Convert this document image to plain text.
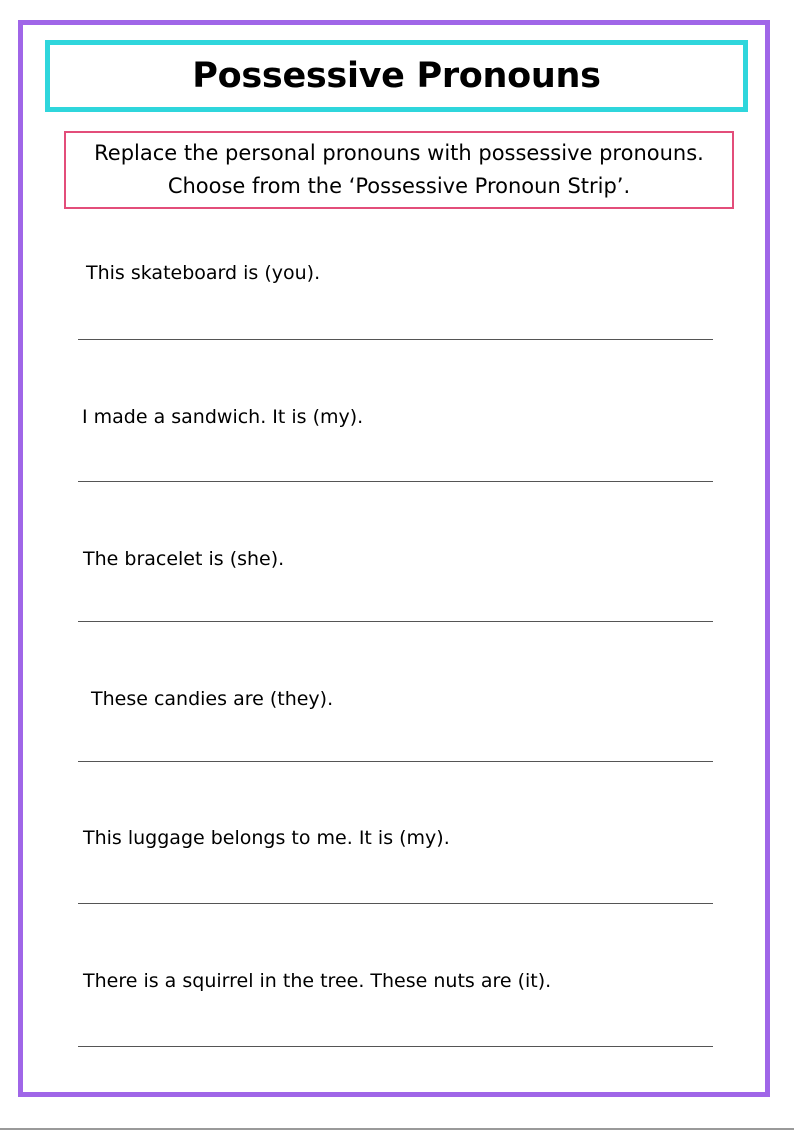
Possessive Pronouns
Replace the personal pronouns with possessive pronouns.
Choose from the ‘Possessive Pronoun Strip’.
This skateboard is (you).
I made a sandwich. It is (my).
The bracelet is (she).
These candies are (they).
This luggage belongs to me. It is (my).
There is a squirrel in the tree. These nuts are (it).
